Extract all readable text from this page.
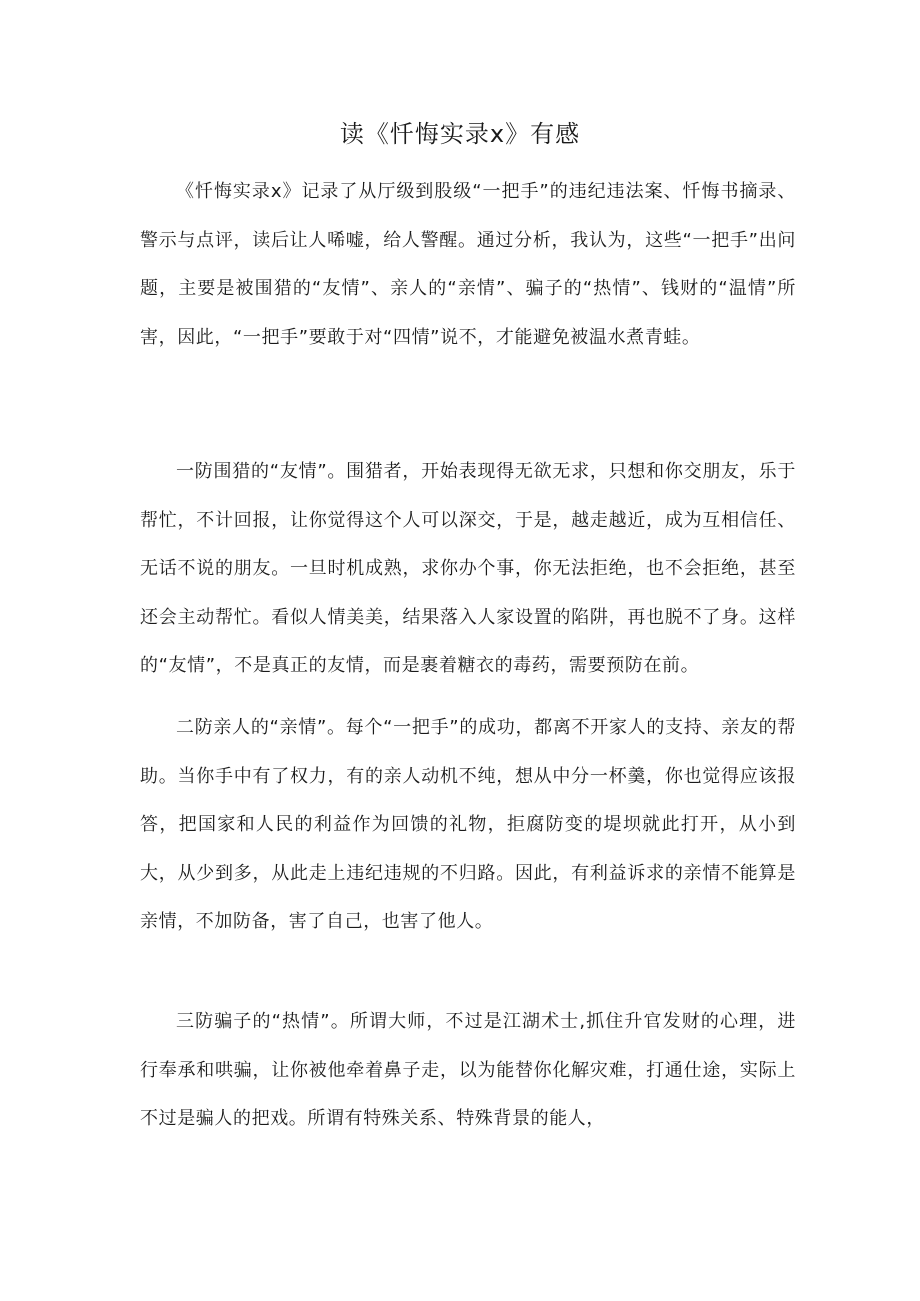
读《忏悔实录x》有感

《忏悔实录x》记录了从厅级到股级“一把手”的违纪违法案、忏悔书摘录、警示与点评，读后让人唏嘘，给人警醒。通过分析，我认为，这些“一把手”出问题，主要是被围猎的“友情”、亲人的“亲情”、骗子的“热情”、钱财的“温情”所害，因此，“一把手”要敢于对“四情”说不，才能避免被温水煮青蛙。

一防围猎的“友情”。围猎者，开始表现得无欲无求，只想和你交朋友，乐于帮忙，不计回报，让你觉得这个人可以深交，于是，越走越近，成为互相信任、无话不说的朋友。一旦时机成熟，求你办个事，你无法拒绝，也不会拒绝，甚至还会主动帮忙。看似人情美美，结果落入人家设置的陷阱，再也脱不了身。这样的“友情”，不是真正的友情，而是裹着糖衣的毒药，需要预防在前。

二防亲人的“亲情”。每个“一把手”的成功，都离不开家人的支持、亲友的帮助。当你手中有了权力，有的亲人动机不纯，想从中分一杯羹，你也觉得应该报答，把国家和人民的利益作为回馈的礼物，拒腐防变的堤坝就此打开，从小到大，从少到多，从此走上违纪违规的不归路。因此，有利益诉求的亲情不能算是亲情，不加防备，害了自己，也害了他人。

三防骗子的“热情”。所谓大师，不过是江湖术士,抓住升官发财的心理，进行奉承和哄骗，让你被他牵着鼻子走，以为能替你化解灾难，打通仕途，实际上不过是骗人的把戏。所谓有特殊关系、特殊背景的能人，
